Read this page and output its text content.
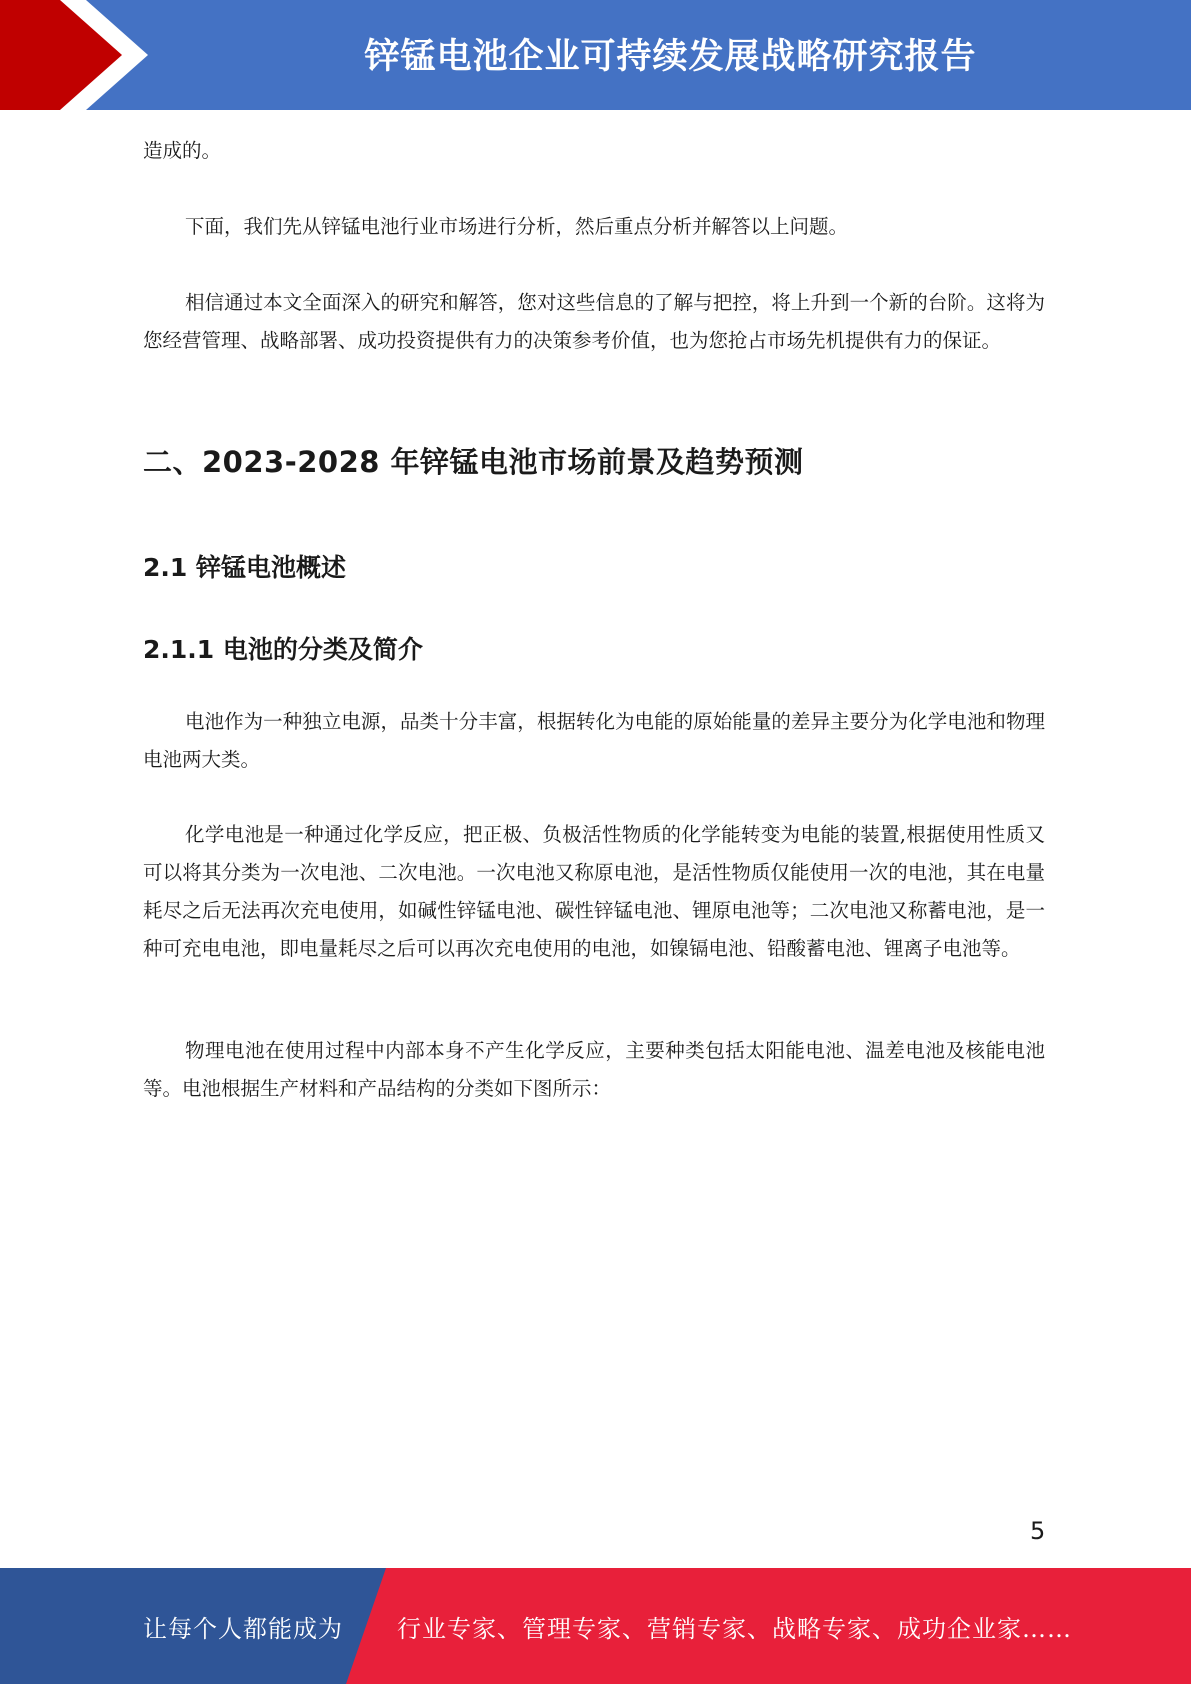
锌锰电池企业可持续发展战略研究报告

造成的。

下面，我们先从锌锰电池行业市场进行分析，然后重点分析并解答以上问题。

相信通过本文全面深入的研究和解答，您对这些信息的了解与把控，将上升到一个新的台阶。这将为您经营管理、战略部署、成功投资提供有力的决策参考价值，也为您抢占市场先机提供有力的保证。

二、2023-2028 年锌锰电池市场前景及趋势预测
2.1 锌锰电池概述
2.1.1 电池的分类及简介

电池作为一种独立电源，品类十分丰富，根据转化为电能的原始能量的差异主要分为化学电池和物理电池两大类。

化学电池是一种通过化学反应，把正极、负极活性物质的化学能转变为电能的装置,根据使用性质又可以将其分类为一次电池、二次电池。一次电池又称原电池，是活性物质仅能使用一次的电池，其在电量耗尽之后无法再次充电使用，如碱性锌锰电池、碳性锌锰电池、锂原电池等；二次电池又称蓄电池，是一种可充电电池，即电量耗尽之后可以再次充电使用的电池，如镍镉电池、铅酸蓄电池、锂离子电池等。

物理电池在使用过程中内部本身不产生化学反应，主要种类包括太阳能电池、温差电池及核能电池等。电池根据生产材料和产品结构的分类如下图所示：

5
让每个人都能成为 行业专家、管理专家、营销专家、战略专家、成功企业家……
